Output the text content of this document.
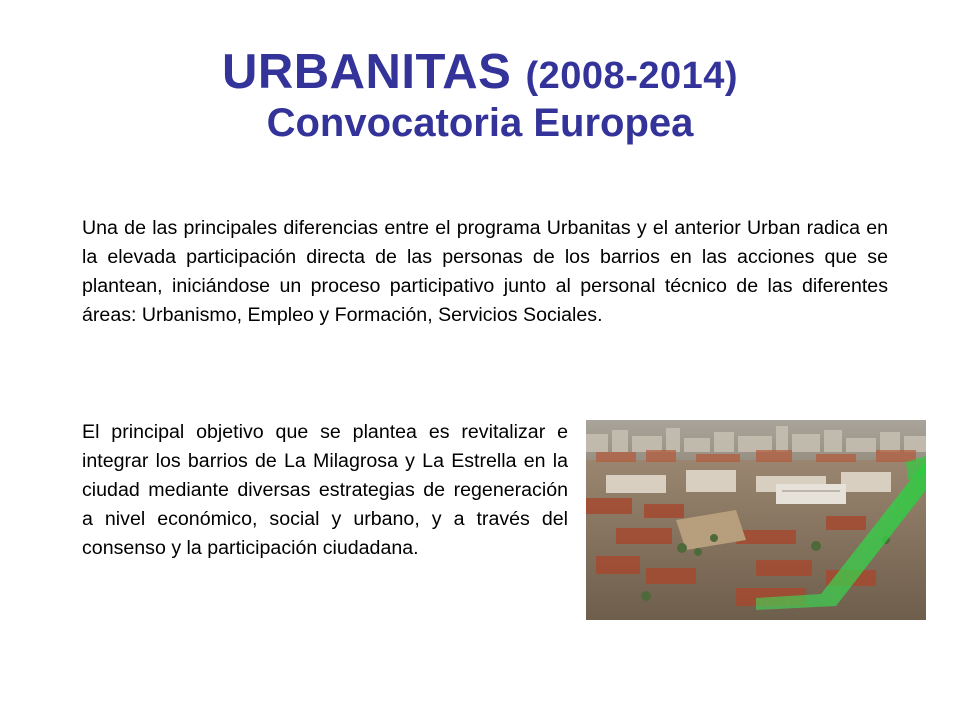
URBANITAS (2008-2014)
Convocatoria Europea

Una de las principales diferencias entre el programa Urbanitas y el anterior Urban radica en la elevada participación directa de las personas de los barrios en las acciones que se plantean, iniciándose un proceso participativo junto al personal técnico de las diferentes áreas: Urbanismo, Empleo y Formación, Servicios Sociales.

El principal objetivo que se plantea es revitalizar e integrar los barrios de La Milagrosa y La Estrella en la ciudad mediante diversas estrategias de regeneración a nivel económico, social y urbano, y a través del consenso y la participación ciudadana.
